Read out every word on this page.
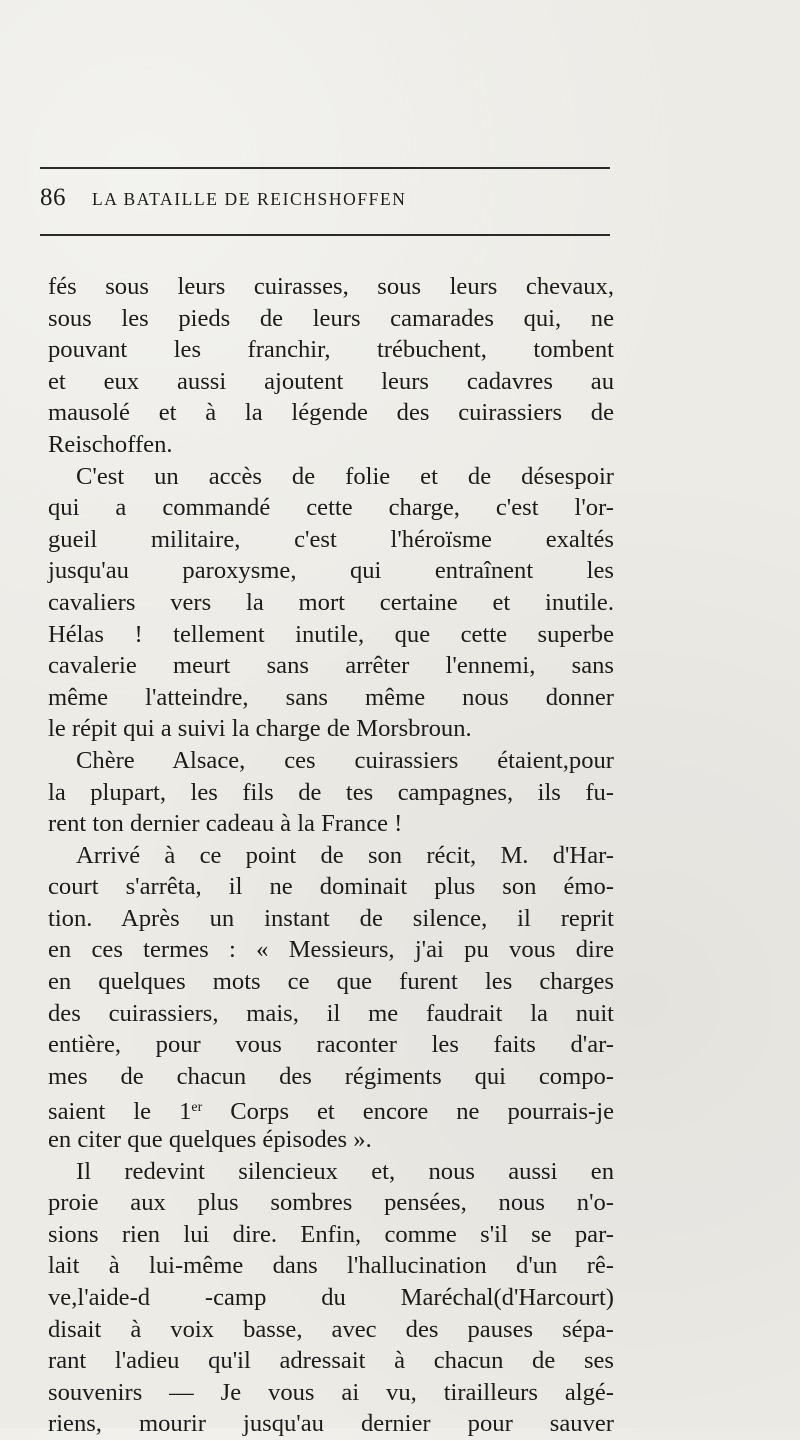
86 LA BATAILLE DE REICHSHOFFEN
fés sous leurs cuirasses, sous leurs chevaux,
sous les pieds de leurs camarades qui, ne
pouvant les franchir, trébuchent, tombent
et eux aussi ajoutent leurs cadavres au
mausolé et à la légende des cuirassiers de
Reischoffen.
C'est un accès de folie et de désespoir
qui a commandé cette charge, c'est l'or-
gueil militaire, c'est l'héroïsme exaltés
jusqu'au paroxysme, qui entraînent les
cavaliers vers la mort certaine et inutile.
Hélas ! tellement inutile, que cette superbe
cavalerie meurt sans arrêter l'ennemi, sans
même l'atteindre, sans même nous donner
le répit qui a suivi la charge de Morsbroun.
Chère Alsace, ces cuirassiers étaient,pour
la plupart, les fils de tes campagnes, ils fu-
rent ton dernier cadeau à la France !
Arrivé à ce point de son récit, M. d'Har-
court s'arrêta, il ne dominait plus son émo-
tion. Après un instant de silence, il reprit
en ces termes : « Messieurs, j'ai pu vous dire
en quelques mots ce que furent les charges
des cuirassiers, mais, il me faudrait la nuit
entière, pour vous raconter les faits d'ar-
mes de chacun des régiments qui compo-
saient le 1er Corps et encore ne pourrais-je
en citer que quelques épisodes ».
Il redevint silencieux et, nous aussi en
proie aux plus sombres pensées, nous n'o-
sions rien lui dire. Enfin, comme s'il se par-
lait à lui-même dans l'hallucination d'un rê-
ve,l'aide-d -camp du Maréchal(d'Harcourt)
disait à voix basse, avec des pauses sépa-
rant l'adieu qu'il adressait à chacun de ses
souvenirs — Je vous ai vu, tirailleurs algé-
riens, mourir jusqu'au dernier pour sauver
